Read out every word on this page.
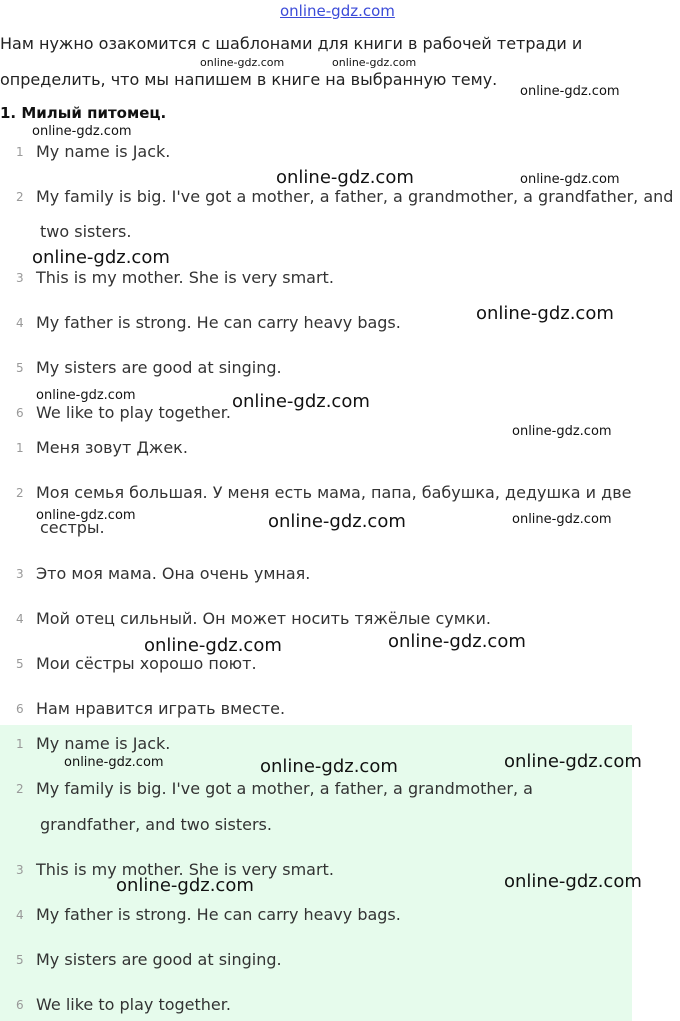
online-gdz.com
Нам нужно озакомится с шаблонами для книги в рабочей тетради и
определить, что мы напишем в книге на выбранную тему.
1. Милый питомец.
1 My name is Jack.
2 My family is big. I've got a mother, a father, a grandmother, a grandfather, and
two sisters.
3 This is my mother. She is very smart.
4 My father is strong. He can carry heavy bags.
5 My sisters are good at singing.
6 We like to play together.
1 Меня зовут Джек.
2 Моя семья большая. У меня есть мама, папа, бабушка, дедушка и две
сестры.
3 Это моя мама. Она очень умная.
4 Мой отец сильный. Он может носить тяжёлые сумки.
5 Мои сёстры хорошо поют.
6 Нам нравится играть вместе.
1 My name is Jack.
2 My family is big. I've got a mother, a father, a grandmother, a
grandfather, and two sisters.
3 This is my mother. She is very smart.
4 My father is strong. He can carry heavy bags.
5 My sisters are good at singing.
6 We like to play together.
online-gdz.com	online-gdz.com
online-gdz.com
online-gdz.com
online-gdz.com	online-gdz.com
online-gdz.com
online-gdz.com
online-gdz.com	online-gdz.com
online-gdz.com
online-gdz.com	online-gdz.com	online-gdz.com
online-gdz.com
online-gdz.com
online-gdz.com	online-gdz.com
online-gdz.com
online-gdz.com	online-gdz.com
